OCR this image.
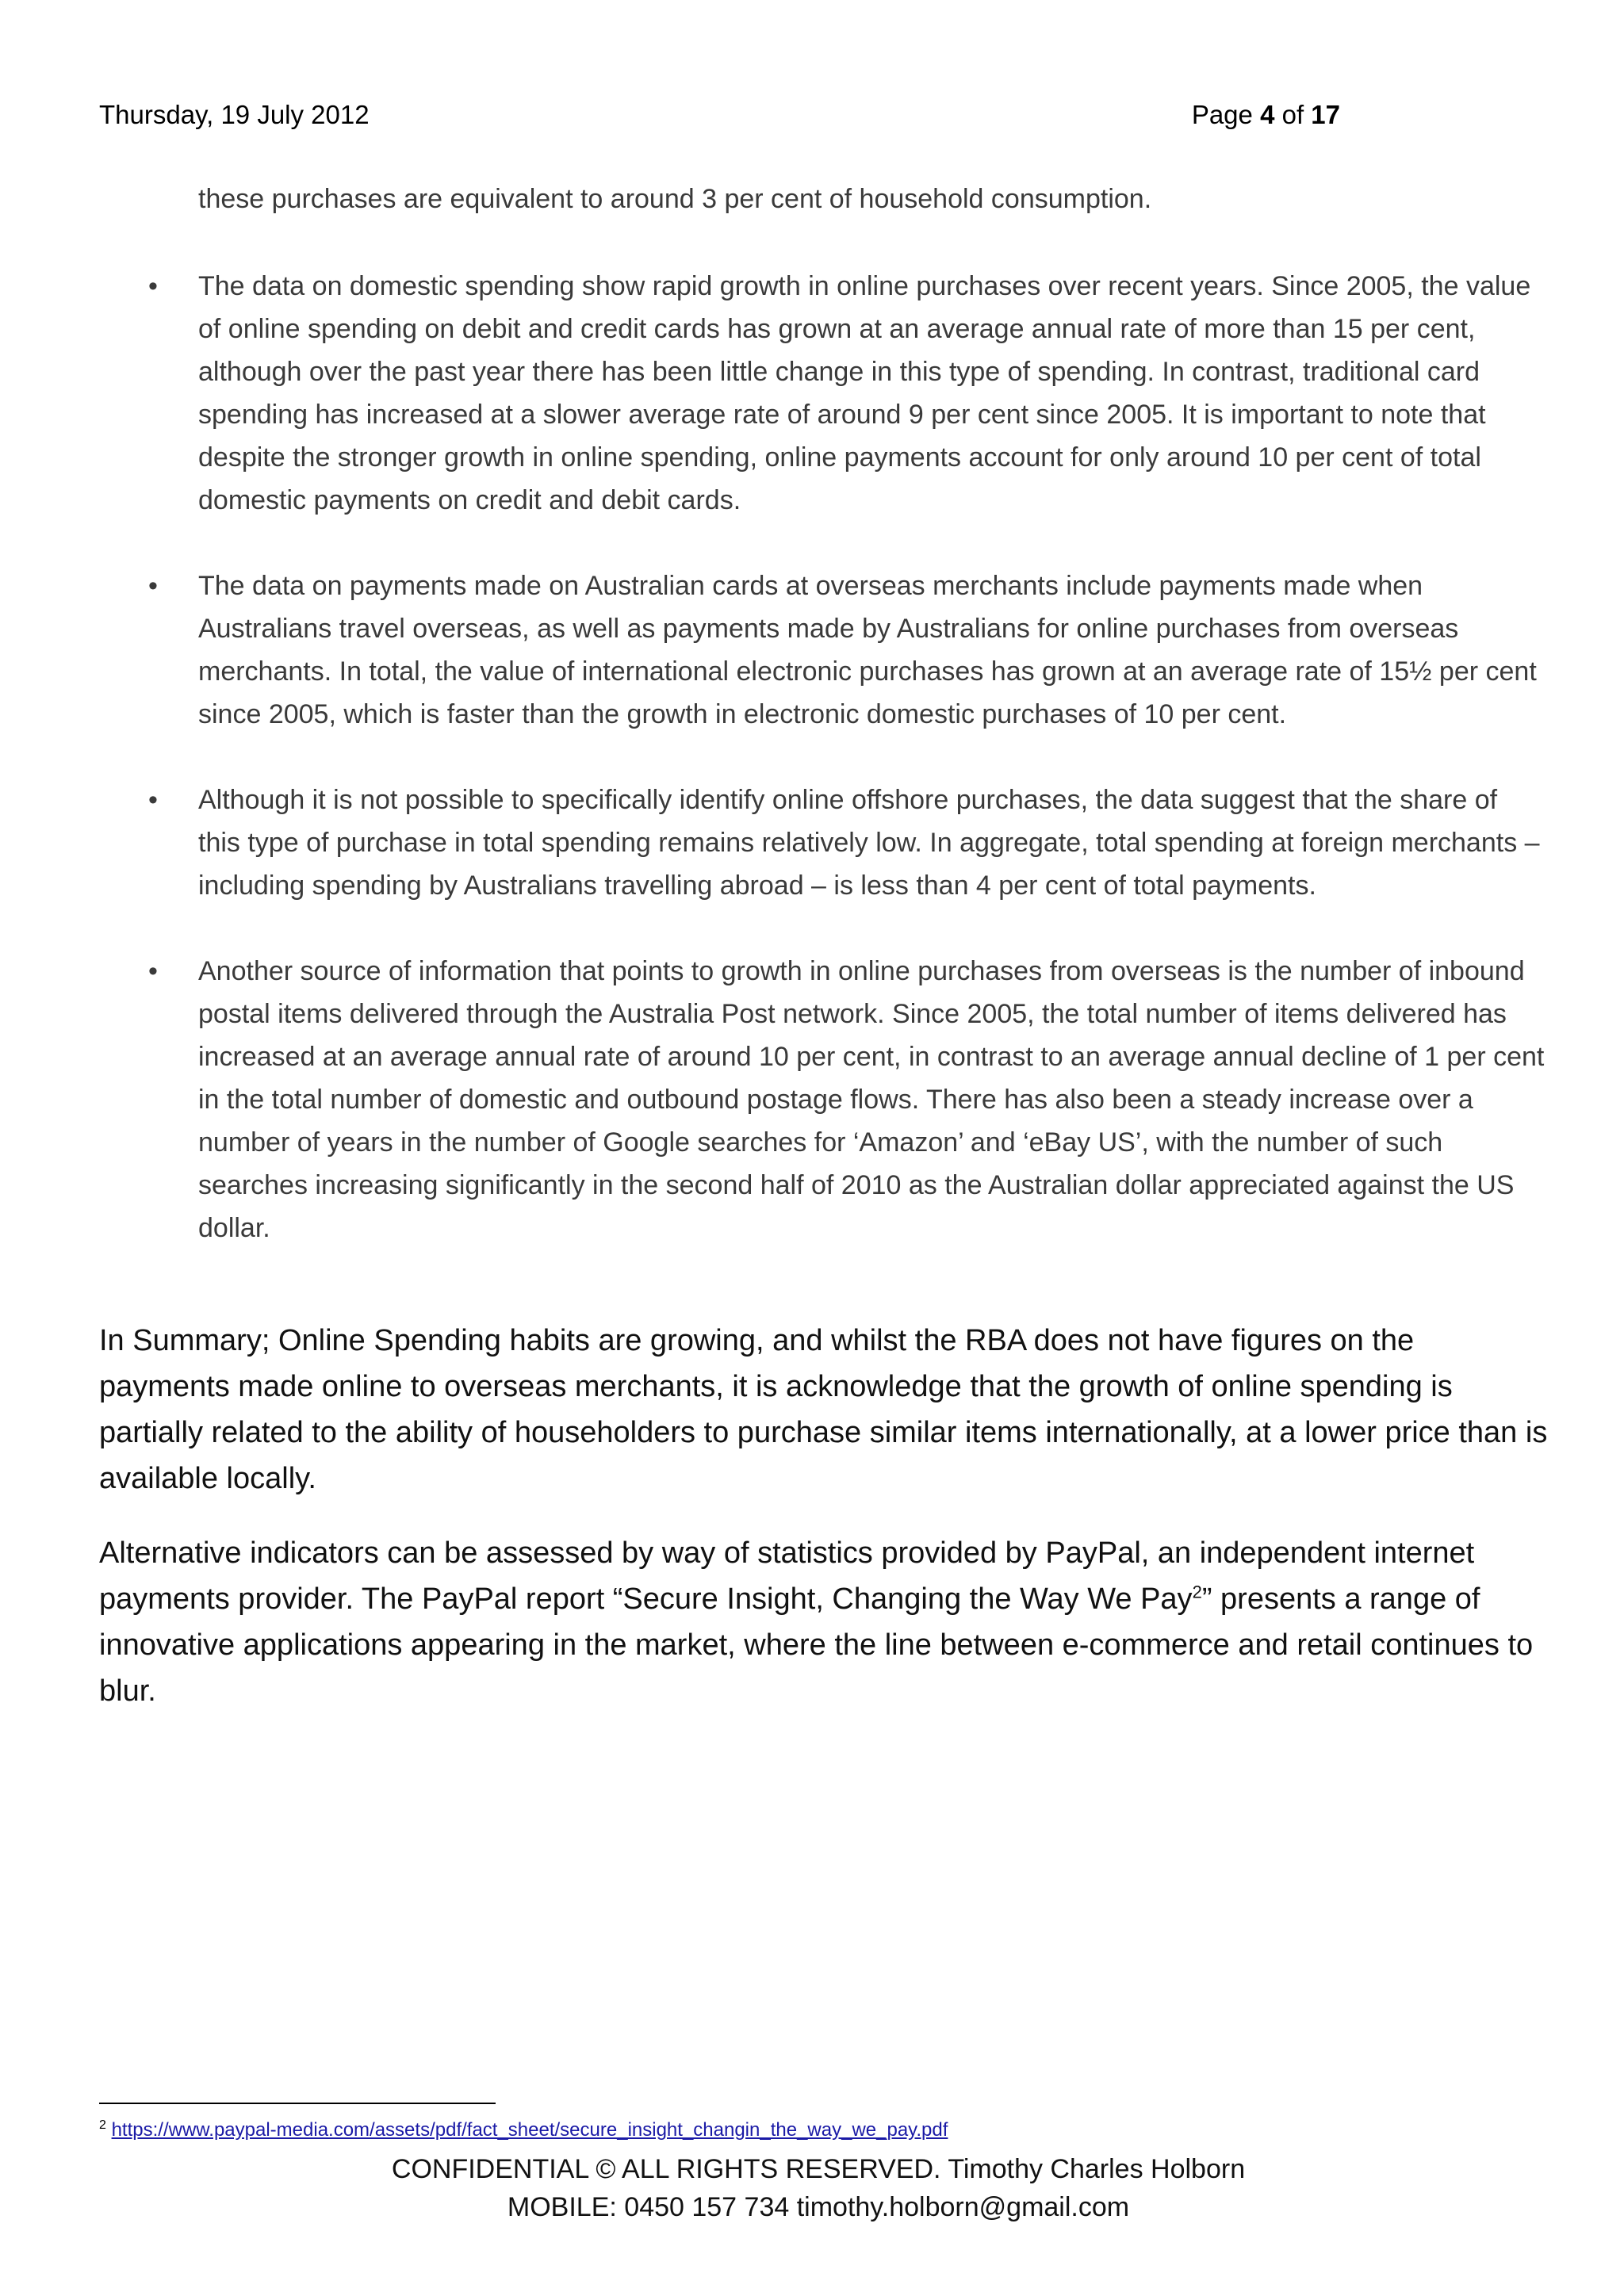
Thursday, 19 July 2012	Page 4 of 17
these purchases are equivalent to around 3 per cent of household consumption.
• The data on domestic spending show rapid growth in online purchases over recent years. Since 2005, the value of online spending on debit and credit cards has grown at an average annual rate of more than 15 per cent, although over the past year there has been little change in this type of spending. In contrast, traditional card spending has increased at a slower average rate of around 9 per cent since 2005. It is important to note that despite the stronger growth in online spending, online payments account for only around 10 per cent of total domestic payments on credit and debit cards.
• The data on payments made on Australian cards at overseas merchants include payments made when Australians travel overseas, as well as payments made by Australians for online purchases from overseas merchants. In total, the value of international electronic purchases has grown at an average rate of 15½ per cent since 2005, which is faster than the growth in electronic domestic purchases of 10 per cent.
• Although it is not possible to specifically identify online offshore purchases, the data suggest that the share of this type of purchase in total spending remains relatively low. In aggregate, total spending at foreign merchants – including spending by Australians travelling abroad – is less than 4 per cent of total payments.
• Another source of information that points to growth in online purchases from overseas is the number of inbound postal items delivered through the Australia Post network. Since 2005, the total number of items delivered has increased at an average annual rate of around 10 per cent, in contrast to an average annual decline of 1 per cent in the total number of domestic and outbound postage flows. There has also been a steady increase over a number of years in the number of Google searches for ‘Amazon’ and ‘eBay US’, with the number of such searches increasing significantly in the second half of 2010 as the Australian dollar appreciated against the US dollar.
In Summary; Online Spending habits are growing, and whilst the RBA does not have figures on the payments made online to overseas merchants, it is acknowledge that the growth of online spending is partially related to the ability of householders to purchase similar items internationally, at a lower price than is available locally.
Alternative indicators can be assessed by way of statistics provided by PayPal, an independent internet payments provider. The PayPal report “Secure Insight, Changing the Way We Pay$^2$” presents a range of innovative applications appearing in the market, where the line between e-commerce and retail continues to blur.
$^2$ https://www.paypal-media.com/assets/pdf/fact_sheet/secure_insight_changin_the_way_we_pay.pdf
CONFIDENTIAL © ALL RIGHTS RESERVED. Timothy Charles Holborn
MOBILE: 0450 157 734 timothy.holborn@gmail.com
